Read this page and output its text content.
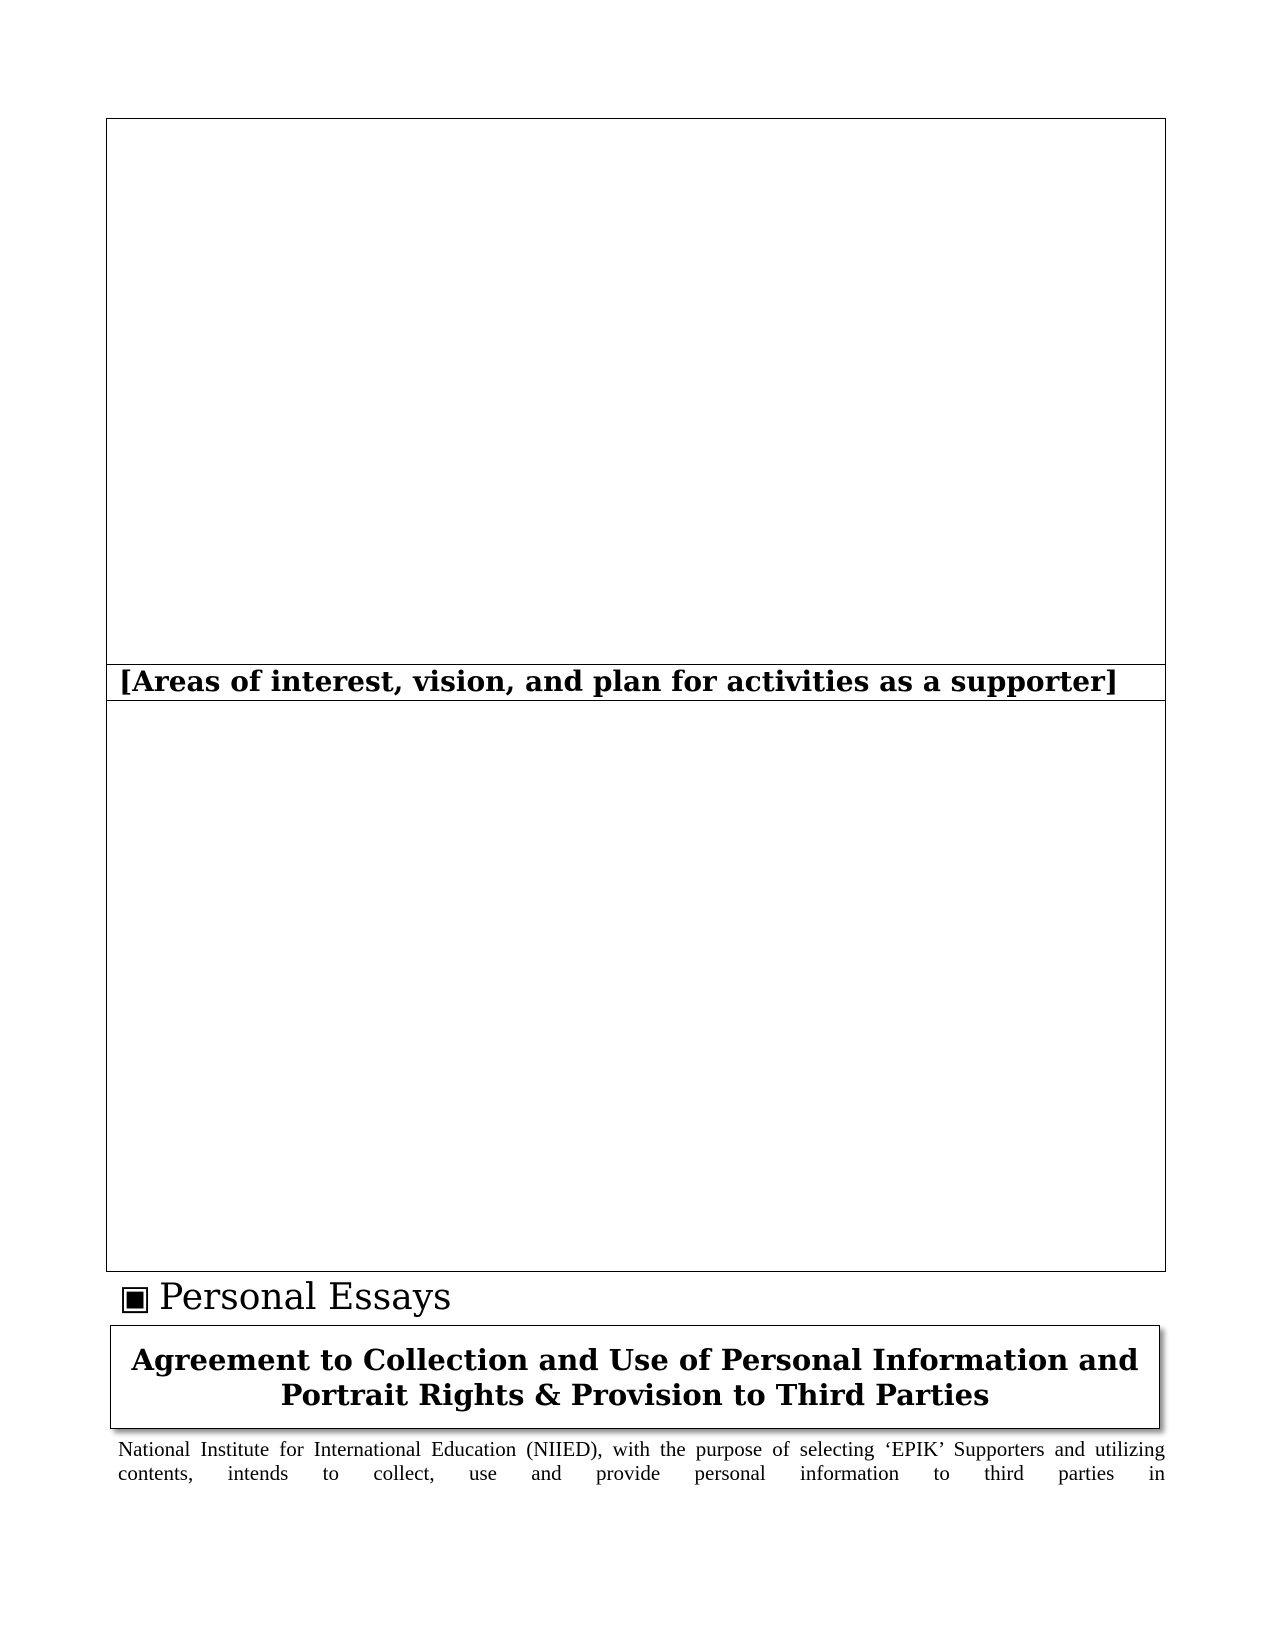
[Areas of interest, vision, and plan for activities as a supporter]
▣ Personal Essays
Agreement to Collection and Use of Personal Information and
Portrait Rights & Provision to Third Parties
National Institute for International Education (NIIED), with the purpose of selecting ‘EPIK’ Supporters and utilizing contents, intends to collect, use and provide personal information to third parties in
